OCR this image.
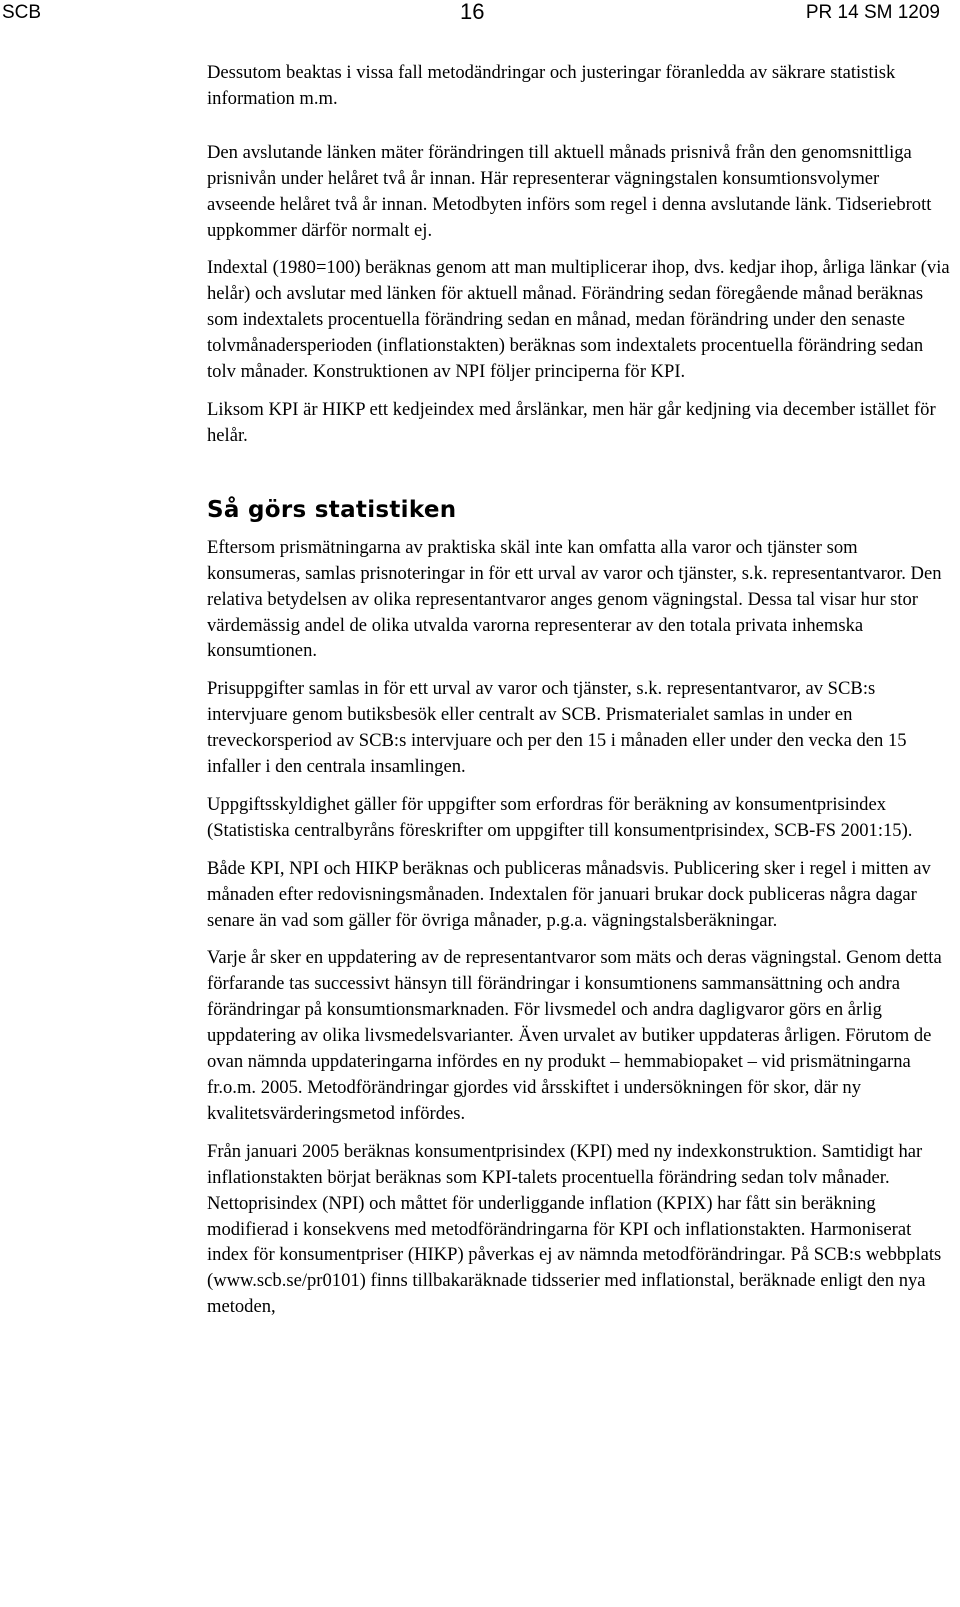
SCB	16	PR 14 SM 1209

Dessutom beaktas i vissa fall metodändringar och justeringar föranledda av säkrare statistisk information m.m.

Den avslutande länken mäter förändringen till aktuell månads prisnivå från den genomsnittliga prisnivån under helåret två år innan. Här representerar vägningstalen konsumtionsvolymer avseende helåret två år innan. Metodbyten införs som regel i denna avslutande länk. Tidseriebrott uppkommer därför normalt ej.

Indextal (1980=100) beräknas genom att man multiplicerar ihop, dvs. kedjar ihop, årliga länkar (via helår) och avslutar med länken för aktuell månad. Förändring sedan föregående månad beräknas som indextalets procentuella förändring sedan en månad, medan förändring under den senaste tolvmånadersperioden (inflationstakten) beräknas som indextalets procentuella förändring sedan tolv månader. Konstruktionen av NPI följer principerna för KPI.

Liksom KPI är HIKP ett kedjeindex med årslänkar, men här går kedjning via december istället för helår.

Så görs statistiken

Eftersom prismätningarna av praktiska skäl inte kan omfatta alla varor och tjänster som konsumeras, samlas prisnoteringar in för ett urval av varor och tjänster, s.k. representantvaror. Den relativa betydelsen av olika representantvaror anges genom vägningstal. Dessa tal visar hur stor värdemässig andel de olika utvalda varorna representerar av den totala privata inhemska konsumtionen.

Prisuppgifter samlas in för ett urval av varor och tjänster, s.k. representantvaror, av SCB:s intervjuare genom butiksbesök eller centralt av SCB. Prismaterialet samlas in under en treveckorsperiod av SCB:s intervjuare och per den 15 i månaden eller under den vecka den 15 infaller i den centrala insamlingen.

Uppgiftsskyldighet gäller för uppgifter som erfordras för beräkning av konsumentprisindex (Statistiska centralbyråns föreskrifter om uppgifter till konsumentprisindex, SCB-FS 2001:15).

Både KPI, NPI och HIKP beräknas och publiceras månadsvis. Publicering sker i regel i mitten av månaden efter redovisningsmånaden. Indextalen för januari brukar dock publiceras några dagar senare än vad som gäller för övriga månader, p.g.a. vägningstalsberäkningar.

Varje år sker en uppdatering av de representantvaror som mäts och deras vägningstal. Genom detta förfarande tas successivt hänsyn till förändringar i konsumtionens sammansättning och andra förändringar på konsumtionsmarknaden. För livsmedel och andra dagligvaror görs en årlig uppdatering av olika livsmedelsvarianter. Även urvalet av butiker uppdateras årligen. Förutom de ovan nämnda uppdateringarna infördes en ny produkt – hemmabiopaket – vid prismätningarna fr.o.m. 2005. Metodförändringar gjordes vid årsskiftet i undersökningen för skor, där ny kvalitetsvärderingsmetod infördes.

Från januari 2005 beräknas konsumentprisindex (KPI) med ny indexkonstruktion. Samtidigt har inflationstakten börjat beräknas som KPI-talets procentuella förändring sedan tolv månader. Nettoprisindex (NPI) och måttet för underliggande inflation (KPIX) har fått sin beräkning modifierad i konsekvens med metodförändringarna för KPI och inflationstakten. Harmoniserat index för konsumentpriser (HIKP) påverkas ej av nämnda metodförändringar. På SCB:s webbplats (www.scb.se/pr0101) finns tillbakaräknade tidsserier med inflationstal, beräknade enligt den nya metoden,
